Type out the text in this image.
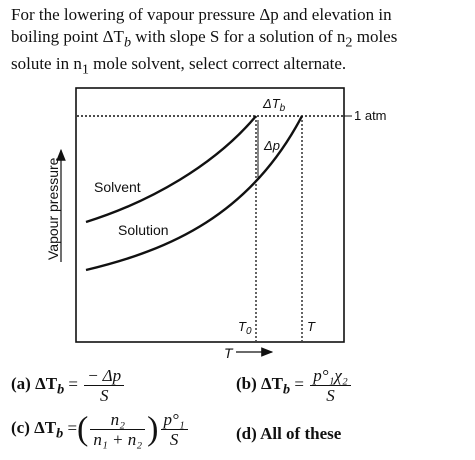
For the lowering of vapour pressure Δp and elevation in
boiling point $\Delta T_b$ with slope S for a solution of $n_2$ moles
solute in $n_1$ mole solvent, select correct alternate.
Vapour pressure
T
Solvent
Solution
$\Delta T_b$
Δp
1 atm
$T_0$	T
(a) $\Delta T_b = \frac{- \Delta p}{S}$	(b) $\Delta T_b = \frac{\text{p°₁χ₂}}{S}$
(c) $\Delta T_b$ =( $\frac{\text{n₂}}{\text{n₁ + n₂}}$ ) $\frac{\text{p°₁}}{S}$	(d) All of these
